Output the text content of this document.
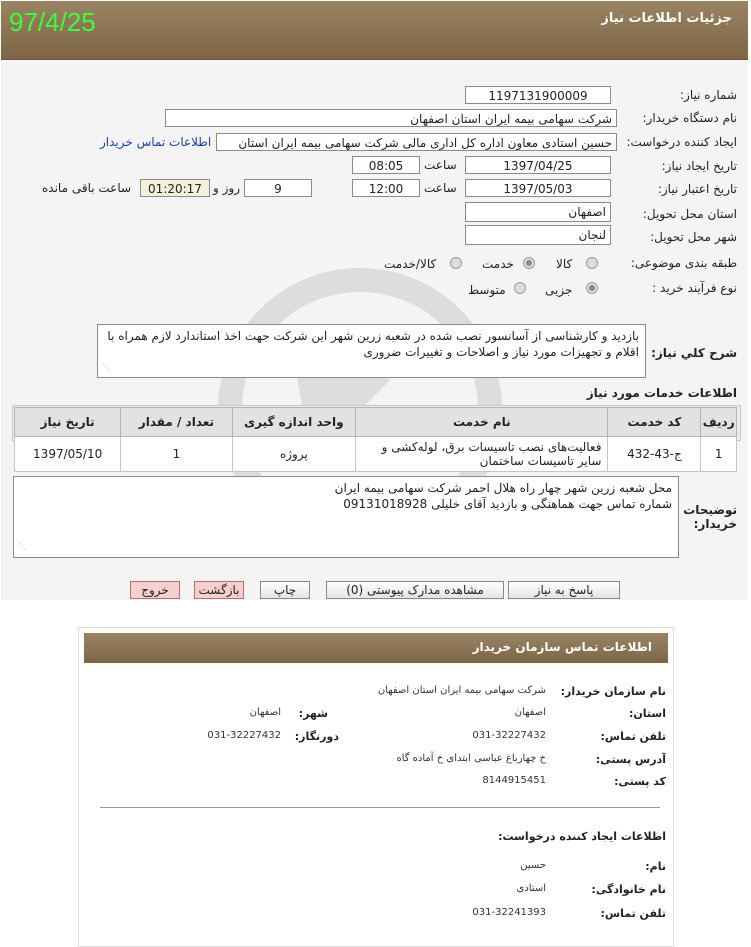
97/4/25	جزئیات اطلاعات نیاز
شماره نیاز:
1197131900009
نام دستگاه خریدار:
شرکت سهامی بیمه ایران استان اصفهان
ایجاد کننده درخواست:
حسین استادی معاون اداره کل اداری مالی شرکت سهامی بیمه ایران استان
اطلاعات تماس خریدار
تاریخ ایجاد نیاز:
1397/04/25
ساعت
08:05
تاریخ اعتبار نیاز:
1397/05/03
ساعت
12:00
9
روز و
01:20:17
ساعت باقی مانده
استان محل تحویل:
اصفهان
شهر محل تحویل:
لنجان
طبقه بندی موضوعی:
کالا
خدمت
کالا/خدمت
نوع فرآیند خرید :
جزیی
متوسط
شرح کلي نياز:
بازدید و کارشناسی از آسانسور نصب شده در شعبه زرین شهر این شرکت جهت اخذ استاندارد لازم همراه با اقلام و تجهیزات مورد نیاز و اصلاحات و تغییرات ضروری
⋰
اطلاعات خدمات مورد نیاز
ردیف	کد خدمت	نام خدمت	واحد اندازه گیری	تعداد / مقدار	تاریخ نیاز
1	ج-43-432	فعالیت‌های نصب تاسیسات برق، لوله‌کشی و سایر تاسیسات ساختمان	پروژه	1	1397/05/10
توضیحات خریدار:
محل شعبه زرین شهر چهار راه هلال احمر شرکت سهامی بیمه ایران
شماره تماس جهت هماهنگی و بازدید آقای خلیلی 09131018928
⋰
پاسخ به نیاز
مشاهده مدارک پیوستی (0)
چاپ
بازگشت
خروج
اطلاعات تماس سازمان خریدار
نام سازمان خریدار:
شرکت سهامی بیمه ایران استان اصفهان
استان:
اصفهان
شهر:
اصفهان
تلفن تماس:
031-32227432
دورنگار:
031-32227432
آدرس پستی:
خ چهارباغ عباسی ابتدای خ آماده گاه
کد پستی:
8144915451
اطلاعات ایجاد کننده درخواست:
نام:
حسین
نام خانوادگی:
استادی
تلفن تماس:
031-32241393
